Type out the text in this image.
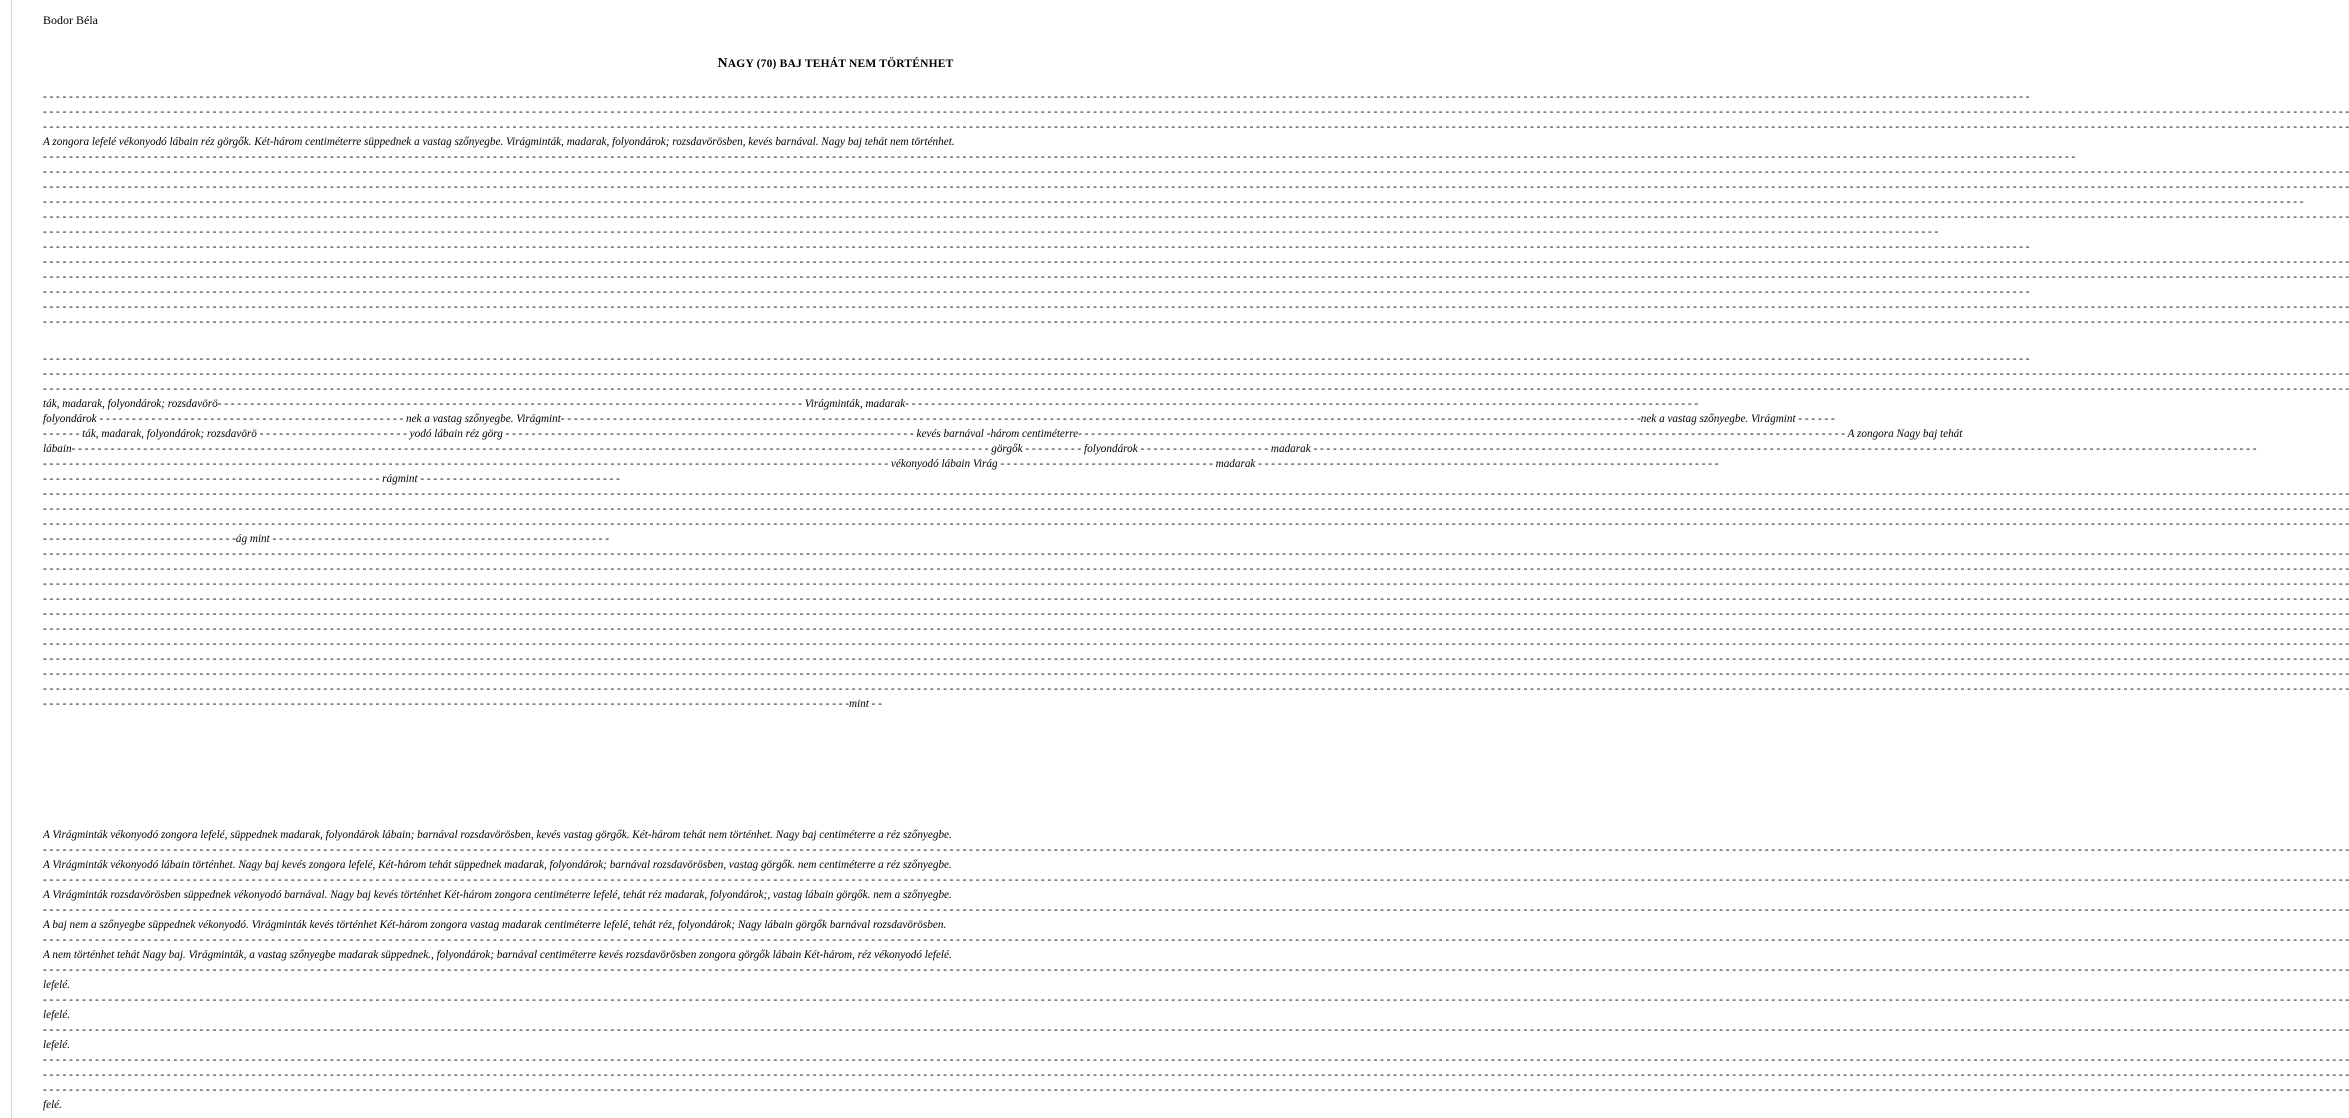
Bodor Béla
NAGY (70) BAJ TEHÁT NEM TÖRTÉNHET
- - - - - - - - - - - - - - - - - - - - - - - - - - - - - - - - - - - - - - - - - - - - - - - - - - - - - - - - - - - - - - - - - - - - - - - - - - - - - - - - - - - - - - - - - - - - - - - - - - - - - - - - - - - - - - - - - - - - - - - - - - - - - - - - - - - - - - - - - - - - - - - - - - - - - - - - - - - - - - - - - - - - - - - - - - - - - - - - - - - - - - - - - - - - - - - - - - - - - - - - - - - - - - - - - - - - - - - - - - - - - - - - - - - - - - - - - - - - - - - - - - - - - - - - - - - - - - - - - - - - - - - - - - - - - - - - - - - - - - - - - - - - - - - - - - - - - - - - - - - - - - - - -
- - - - - - - - - - - - - - - - - - - - - - - - - - - - - - - - - - - - - - - - - - - - - - - - - - - - - - - - - - - - - - - - - - - - - - - - - - - - - - - - - - - - - - - - - - - - - - - - - - - - - - - - - - - - - - - - - - - - - - - - - - - - - - - - - - - - - - - - - - - - - - - - - - - - - - - - - - - - - - - - - - - - - - - - - - - - - - - - - - - - - - - - - - - - - - - - - - - - - - - - - - - - - - - - - - - - - - - - - - - - - - - - - - - - - - - - - - - - - - - - - - - - - - - - - - - - - - - - - - - - - - - - - - - - - - - - - - - - - - - - - - - - - - - - - - - - - - - - - - - - - - - - - - - - - - - - - - - - - - - - - - - - - - - - - - - - - - - - - - - - - - - - - - - - - - - - - -
- - - - - - - - - - - - - - - - - - - - - - - - - - - - - - - - - - - - - - - - - - - - - - - - - - - - - - - - - - - - - - - - - - - - - - - - - - - - - - - - - - - - - - - - - - - - - - - - - - - - - - - - - - - - - - - - - - - - - - - - - - - - - - - - - - - - - - - - - - - - - - - - - - - - - - - - - - - - - - - - - - - - - - - - - - - - - - - - - - - - - - - - - - - - - - - - - - - - - - - - - - - - - - - - - - - - - - - - - - - - - - - - - - - - - - - - - - - - - - - - - - - - - - - - - - - - - - - - - - - - - - - - - - - - - - - - - - - - - - - - - - - - - - - - - - - - - - - - - - - - - - - - - - - - - - - - - - - - - - - - - - - - - - - - - - - - - - - - - - - - - - - - - - - - - - - - - -
A zongora lefelé vékonyodó lábain réz görgők. Két-három centiméterre süppednek a vastag szőnyegbe. Virágminták, madarak, folyondárok; rozsdavörösben, kevés barnával. Nagy baj tehát nem történhet.
- - - - - - - - - - - - - - - - - - - - - - - - - - - - - - - - - - - - - - - - - - - - - - - - - - - - - - - - - - - - - - - - - - - - - - - - - - - - - - - - - - - - - - - - - - - - - - - - - - - - - - - - - - - - - - - - - - - - - - - - - - - - - - - - - - - - - - - - - - - - - - - - - - - - - - - - - - - - - - - - - - - - - - - - - - - - - - - - - - - - - - - - - - - - - - - - - - - - - - - - - - - - - - - - - - - - - - - - - - - - - - - - - - - - - - - - - - - - - - - - - - - - - - - - - - - - - - - - - - - - - - - - - - - - - - - - - - - - - - - - - - - - - - - - - - - - - - - - - - - - - - - - - - - - - - - -
- - - - - - - - - - - - - - - - - - - - - - - - - - - - - - - - - - - - - - - - - - - - - - - - - - - - - - - - - - - - - - - - - - - - - - - - - - - - - - - - - - - - - - - - - - - - - - - - - - - - - - - - - - - - - - - - - - - - - - - - - - - - - - - - - - - - - - - - - - - - - - - - - - - - - - - - - - - - - - - - - - - - - - - - - - - - - - - - - - - - - - - - - - - - - - - - - - - - - - - - - - - - - - - - - - - - - - - - - - - - - - - - - - - - - - - - - - - - - - - - - - - - - - - - - - - - - - - - - - - - - - - - - - - - - - - - - - - - - - - - - - - - - - - - - - - - - - - - - - - - - - - - - - - - - - - - - - - - - - - - - - - - - - - - - - - - - - - - - - - - - - - - - - - - - - - - - -
- - - - - - - - - - - - - - - - - - - - - - - - - - - - - - - - - - - - - - - - - - - - - - - - - - - - - - - - - - - - - - - - - - - - - - - - - - - - - - - - - - - - - - - - - - - - - - - - - - - - - - - - - - - - - - - - - - - - - - - - - - - - - - - - - - - - - - - - - - - - - - - - - - - - - - - - - - - - - - - - - - - - - - - - - - - - - - - - - - - - - - - - - - - - - - - - - - - - - - - - - - - - - - - - - - - - - - - - - - - - - - - - - - - - - - - - - - - - - - - - - - - - - - - - - - - - - - - - - - - - - - - - - - - - - - - - - - - - - - - - - - - - - - - - - - - - - - - - - - - - - - - - - - - - - - - - - - - - - - - - - - - - - - - - - - - - - - - - - - - - - - - - - - - - - - - - - -
- - - - - - - - - - - - - - - - - - - - - - - - - - - - - - - - - - - - - - - - - - - - - - - - - - - - - - - - - - - - - - - - - - - - - - - - - - - - - - - - - - - - - - - - - - - - - - - - - - - - - - - - - - - - - - - - - - - - - - - - - - - - - - - - - - - - - - - - - - - - - - - - - - - - - - - - - - - - - - - - - - - - - - - - - - - - - - - - - - - - - - - - - - - - - - - - - - - - - - - - - - - - - - - - - - - - - - - - - - - - - - - - - - - - - - - - - - - - - - - - - - - - - - - - - - - - - - - - - - - - - - - - - - - - - - - - - - - - - - - - - - - - - - - - - - - - - - - - - - - - - - - - - - - - - - - - - - - - - - - - - - - - - - - - - - - - - - - - - - - - - - - - - - -
- - - - - - - - - - - - - - - - - - - - - - - - - - - - - - - - - - - - - - - - - - - - - - - - - - - - - - - - - - - - - - - - - - - - - - - - - - - - - - - - - - - - - - - - - - - - - - - - - - - - - - - - - - - - - - - - - - - - - - - - - - - - - - - - - - - - - - - - - - - - - - - - - - - - - - - - - - - - - - - - - - - - - - - - - - - - - - - - - - - - - - - - - - - - - - - - - - - - - - - - - - - - - - - - - - - - - - - - - - - - - - - - - - - - - - - - - - - - - - - - - - - - - - - - - - - - - - - - - - - - - - - - - - - - - - - - - - - - - - - - - - - - - - - - - - - - - - - - - - - - - - - - - - - - - - - - - - - - - - - - - - - - - - - - - - - - - - - - - - - - - - - - - - - - - - - - - -
- - - - - - - - - - - - - - - - - - - - - - - - - - - - - - - - - - - - - - - - - - - - - - - - - - - - - - - - - - - - - - - - - - - - - - - - - - - - - - - - - - - - - - - - - - - - - - - - - - - - - - - - - - - - - - - - - - - - - - - - - - - - - - - - - - - - - - - - - - - - - - - - - - - - - - - - - - - - - - - - - - - - - - - - - - - - - - - - - - - - - - - - - - - - - - - - - - - - - - - - - - - - - - - - - - - - - - - - - - - - - - - - - - - - - - - - - - - - - - - - - - - - - - - - - - - - - - - - - - - - - - - - - - - - - - - - - - - - - - - - - - - - - - - - - - -
- - - - - - - - - - - - - - - - - - - - - - - - - - - - - - - - - - - - - - - - - - - - - - - - - - - - - - - - - - - - - - - - - - - - - - - - - - - - - - - - - - - - - - - - - - - - - - - - - - - - - - - - - - - - - - - - - - - - - - - - - - - - - - - - - - - - - - - - - - - - - - - - - - - - - - - - - - - - - - - - - - - - - - - - - - - - - - - - - - - - - - - - - - - - - - - - - - - - - - - - - - - - - - - - - - - - - - - - - - - - - - - - - - - - - - - - - - - - - - - - - - - - - - - - - - - - - - - - - - - - - - - - - - - - - - - - - - - - - - - - - - - - - - - - - - - - - - - - - - - - - - - - -
- - - - - - - - - - - - - - - - - - - - - - - - - - - - - - - - - - - - - - - - - - - - - - - - - - - - - - - - - - - - - - - - - - - - - - - - - - - - - - - - - - - - - - - - - - - - - - - - - - - - - - - - - - - - - - - - - - - - - - - - - - - - - - - - - - - - - - - - - - - - - - - - - - - - - - - - - - - - - - - - - - - - - - - - - - - - - - - - - - - - - - - - - - - - - - - - - - - - - - - - - - - - - - - - - - - - - - - - - - - - - - - - - - - - - - - - - - - - - - - - - - - - - - - - - - - - - - - - - - - - - - - - - - - - - - - - - - - - - - - - - - - - - - - - - - - - - - - - - - - - - - - - - - - - - - - - - - - - - - - - - - - - - - - - - - - - - - - - - - - - - - - - - - - - - - - - - -
- - - - - - - - - - - - - - - - - - - - - - - - - - - - - - - - - - - - - - - - - - - - - - - - - - - - - - - - - - - - - - - - - - - - - - - - - - - - - - - - - - - - - - - - - - - - - - - - - - - - - - - - - - - - - - - - - - - - - - - - - - - - - - - - - - - - - - - - - - - - - - - - - - - - - - - - - - - - - - - - - - - - - - - - - - - - - - - - - - - - - - - - - - - - - - - - - - - - - - - - - - - - - - - - - - - - - - - - - - - - - - - - - - - - - - - - - - - - - - - - - - - - - - - - - - - - - - - - - - - - - - - - - - - - - - - - - - - - - - - - - - - - - - - - - - - - - - - - - - - - - - - - - - - - - - - - - - - - - - - - - - - - - - - - - - - - - - - - - - - - - - - - - - - - - - - - - -
- - - - - - - - - - - - - - - - - - - - - - - - - - - - - - - - - - - - - - - - - - - - - - - - - - - - - - - - - - - - - - - - - - - - - - - - - - - - - - - - - - - - - - - - - - - - - - - - - - - - - - - - - - - - - - - - - - - - - - - - - - - - - - - - - - - - - - - - - - - - - - - - - - - - - - - - - - - - - - - - - - - - - - - - - - - - - - - - - - - - - - - - - - - - - - - - - - - - - - - - - - - - - - - - - - - - - - - - - - - - - - - - - - - - - - - - - - - - - - - - - - - - - - - - - - - - - - - - - - - - - - - - - - - - - - - - - - - - - - - - - - - - - - - - - - - - - - - - - - - - - - - - -
- - - - - - - - - - - - - - - - - - - - - - - - - - - - - - - - - - - - - - - - - - - - - - - - - - - - - - - - - - - - - - - - - - - - - - - - - - - - - - - - - - - - - - - - - - - - - - - - - - - - - - - - - - - - - - - - - - - - - - - - - - - - - - - - - - - - - - - - - - - - - - - - - - - - - - - - - - - - - - - - - - - - - - - - - - - - - - - - - - - - - - - - - - - - - - - - - - - - - - - - - - - - - - - - - - - - - - - - - - - - - - - - - - - - - - - - - - - - - - - - - - - - - - - - - - - - - - - - - - - - - - - - - - - - - - - - - - - - - - - - - - - - - - - - - - - - - - - - - - - - - - - - - - - - - - - - - - - - - - - - - - - - - - - - - - - - - - - - - - - - - - - - - - - - - - - - - -
- - - - - - - - - - - - - - - - - - - - - - - - - - - - - - - - - - - - - - - - - - - - - - - - - - - - - - - - - - - - - - - - - - - - - - - - - - - - - - - - - - - - - - - - - - - - - - - - - - - - - - - - - - - - - - - - - - - - - - - - - - - - - - - - - - - - - - - - - - - - - - - - - - - - - - - - - - - - - - - - - - - - - - - - - - - - - - - - - - - - - - - - - - - - - - - - - - - - - - - - - - - - - - - - - - - - - - - - - - - - - - - - - - - - - - - - - - - - - - - - - - - - - - - - - - - - - - - - - - - - - - - - - - - - - - - - - - - - - - - - - - - - - - - - - - - - - - - - - - - - - - - - - - - - - - - - - - - - - - - - - - - - - - - - - - - - - - - - - - - - - - - - - - - - - - - - - -
- - - - - - - - - - - - - - - - - - - - - - - - - - - - - - - - - - - - - - - - - - - - - - - - - - - - - - - - - - - - - - - - - - - - - - - - - - - - - - - - - - - - - - - - - - - - - - - - - - - - - - - - - - - - - - - - - - - - - - - - - - - - - - - - - - - - - - - - - - - - - - - - - - - - - - - - - - - - - - - - - - - - - - - - - - - - - - - - - - - - - - - - - - - - - - - - - - - - - - - - - - - - - - - - - - - - - - - - - - - - - - - - - - - - - - - - - - - - - - - - - - - - - - - - - - - - - - - - - - - - - - - - - - - - - - - - - - - - - - - - - - - - - - - - - - - - - - - - - - - - - - - - -
- - - - - - - - - - - - - - - - - - - - - - - - - - - - - - - - - - - - - - - - - - - - - - - - - - - - - - - - - - - - - - - - - - - - - - - - - - - - - - - - - - - - - - - - - - - - - - - - - - - - - - - - - - - - - - - - - - - - - - - - - - - - - - - - - - - - - - - - - - - - - - - - - - - - - - - - - - - - - - - - - - - - - - - - - - - - - - - - - - - - - - - - - - - - - - - - - - - - - - - - - - - - - - - - - - - - - - - - - - - - - - - - - - - - - - - - - - - - - - - - - - - - - - - - - - - - - - - - - - - - - - - - - - - - - - - - - - - - - - - - - - - - - - - - - - - - - - - - - - - - - - - - - - - - - - - - - - - - - - - - - - - - - - - - - - - - - - - - - - - - - - - - - - - - - - - - - -
- - - - - - - - - - - - - - - - - - - - - - - - - - - - - - - - - - - - - - - - - - - - - - - - - - - - - - - - - - - - - - - - - - - - - - - - - - - - - - - - - - - - - - - - - - - - - - - - - - - - - - - - - - - - - - - - - - - - - - - - - - - - - - - - - - - - - - - - - - - - - - - - - - - - - - - - - - - - - - - - - - - - - - - - - - - - - - - - - - - - - - - - - - - - - - - - - - - - - - - - - - - - - - - - - - - - - - - - - - - - - - - - - - - - - - - - - - - - - - - - - - - - - - - - - - - - - - - - - - - - - - - - - - - - - - - - - - - - - - - - - - - - - - - - - - - - - - - - - - - - - - - - - - - - - - - - - - - - - - - - - - - - - - - - - - - - - - - - - - - - - - - - - - - - - - - - - -
ták, madarak, folyondárok; rozsdavörö- - - - - - - - - - - - - - - - - - - - - - - - - - - - - - - - - - - - - - - - - - - - - - - - - - - - - - - - - - - - - - - - - - - - - - - - - - - - - - - - - - - - - - - - - - Virágminták, madarak- - - - - - - - - - - - - - - - - - - - - - - - - - - - - - - - - - - - - - - - - - - - - - - - - - - - - - - - - - - - - - - - - - - - - - - - - - - - - - - - - - - - - - - - - - - - - - - - - - - - - - - - - - - - - - - - - - - - - - - - - -
folyondárok - - - - - - - - - - - - - - - - - - - - - - - - - - - - - - - - - - - - - - - - - - - - - - - nek a vastag szőnyegbe. Virágmint- - - - - - - - - - - - - - - - - - - - - - - - - - - - - - - - - - - - - - - - - - - - - - - - - - - - - - - - - - - - - - - - - - - - - - - - - - - - - - - - - - - - - - - - - - - - - - - - - - - - - - - - - - - - - - - - - - - - - - - - - - - - - - - - - - - - - - - - - - - - - - - - - - - - - - - - - - - - - - - - - - - - - -nek a vastag szőnyegbe. Virágmint - - - - - -
- - - - - - ták, madarak, folyondárok; rozsdavörö - - - - - - - - - - - - - - - - - - - - - - - yodó lábain réz görg - - - - - - - - - - - - - - - - - - - - - - - - - - - - - - - - - - - - - - - - - - - - - - - - - - - - - - - - - - - - - - - kevés barnával -három centiméterre- - - - - - - - - - - - - - - - - - - - - - - - - - - - - - - - - - - - - - - - - - - - - - - - - - - - - - - - - - - - - - - - - - - - - - - - - - - - - - - - - - - - - - - - - - - - - - - - - - - - - - - - - - - - - - - - - - - - - - A zongora Nagy baj tehát
lábain- - - - - - - - - - - - - - - - - - - - - - - - - - - - - - - - - - - - - - - - - - - - - - - - - - - - - - - - - - - - - - - - - - - - - - - - - - - - - - - - - - - - - - - - - - - - - - - - - - - - - - - - - - - - - - - - - - - - - - - - - - - - - - - - - - - - - - - - - - - - - görgők - - - - - - - - - folyondárok - - - - - - - - - - - - - - - - - - - - madarak - - - - - - - - - - - - - - - - - - - - - - - - - - - - - - - - - - - - - - - - - - - - - - - - - - - - - - - - - - - - - - - - - - - - - - - - - - - - - - - - - - - - - - - - - - - - - - - - - - - - - - - - - - - - - - - - - - - - - - - - - - - - - - - - - - - - - - - - - - - - - - - - -
- - - - - - - - - - - - - - - - - - - - - - - - - - - - - - - - - - - - - - - - - - - - - - - - - - - - - - - - - - - - - - - - - - - - - - - - - - - - - - - - - - - - - - - - - - - - - - - - - - - - - - - - - - - - - - - - - - - - - - - - - - - - - - - - - - vékonyodó lábain Virág - - - - - - - - - - - - - - - - - - - - - - - - - - - - - - - - - madarak - - - - - - - - - - - - - - - - - - - - - - - - - - - - - - - - - - - - - - - - - - - - - - - - - - - - - - - - - - - - - - - - - - - - - - -
- - - - - - - - - - - - - - - - - - - - - - - - - - - - - - - - - - - - - - - - - - - - - - - - - - - - rágmint - - - - - - - - - - - - - - - - - - - - - - - - - - - - - - -
- - - - - - - - - - - - - - - - - - - - - - - - - - - - - - - - - - - - - - - - - - - - - - - - - - - - - - - - - - - - - - - - - - - - - - - - - - - - - - - - - - - - - - - - - - - - - - - - - - - - - - - - - - - - - - - - - - - - - - - - - - - - - - - - - - - - - - - - - - - - - - - - - - - - - - - - - - - - - - - - - - - - - - - - - - - - - - - - - - - - - - - - - - - - - - - - - - - - - - - - - - - - - - - - - - - - - - - - - - - - - - - - - - - - - - - - - - - - - - - - - - - - - - - - - - - - - - - - - - - - - - - - - - - - - - - - - - - - - - - - - - - - - - - - - - - - - - - - - - - - - - - - - - - - - - - - - - - - - - - - - - - - - - - - - - - - - - - - - - - - - - - - - - - - - - - - - -
- - - - - - - - - - - - - - - - - - - - - - - - - - - - - - - - - - - - - - - - - - - - - - - - - - - - - - - - - - - - - - - - - - - - - - - - - - - - - - - - - - - - - - - - - - - - - - - - - - - - - - - - - - - - - - - - - - - - - - - - - - - - - - - - - - - - - - - - - - - - - - - - - - - - - - - - - - - - - - - - - - - - - - - - - - - - - - - - - - - - - - - - - - - - - - - - - - - - - - - - - - - - - - - - - - - - - - - - - - - - - - - - - - - - - - - - - - - - - - - - - - - - - - - - - - - - - - - - - - - - - - - - - - - - - - - - - - - - - - - - - - - - - - - - - - - - - - - - - - - - - - - - - - - - - - - - - - - - - - - - - - - - - - - - - - - - - - - - - - - - - - - - - - - - - - - - - -
- - - - - - - - - - - - - - - - - - - - - - - - - - - - - - - - - - - - - - - - - - - - - - - - - - - - - - - - - - - - - - - - - - - - - - - - - - - - - - - - - - - - - - - - - - - - - - - - - - - - - - - - - - - - - - - - - - - - - - - - - - - - - - - - - - - - - - - - - - - - - - - - - - - - - - - - - - - - - - - - - - - - - - - - - - - - - - - - - - - - - - - - - - - - - - - - - - - - - - - - - - - - - - - - - - - - - - - - - - - - - - - - - - - - - - - - - - - - - - - - - - - - - - - - - - - - - - - - - - - - - - - - - - - - - - - - - - - - - - - - - - - - - - - - - - - - - - - - - - - - - - - - - - - - - - - - - - - - - - - - - - - - - - - - - - - - - - - - - - - - - - - - - - - - - - - - - -
- - - - - - - - - - - - - - - - - - - - - - - - - - - - - -ág mint - - - - - - - - - - - - - - - - - - - - - - - - - - - - - - - - - - - - - - - - - - - - - - - - - - - -
- - - - - - - - - - - - - - - - - - - - - - - - - - - - - - - - - - - - - - - - - - - - - - - - - - - - - - - - - - - - - - - - - - - - - - - - - - - - - - - - - - - - - - - - - - - - - - - - - - - - - - - - - - - - - - - - - - - - - - - - - - - - - - - - - - - - - - - - - - - - - - - - - - - - - - - - - - - - - - - - - - - - - - - - - - - - - - - - - - - - - - - - - - - - - - - - - - - - - - - - - - - - - - - - - - - - - - - - - - - - - - - - - - - - - - - - - - - - - - - - - - - - - - - - - - - - - - - - - - - - - - - - - - - - - - - - - - - - - - - - - - - - - - - - - - - - - - - - - - - - - - - - - - - - - - - - - - - - - - - - - - - - - - - - - - - - - - - - - - - - - - - - - - - - - - - - - -
- - - - - - - - - - - - - - - - - - - - - - - - - - - - - - - - - - - - - - - - - - - - - - - - - - - - - - - - - - - - - - - - - - - - - - - - - - - - - - - - - - - - - - - - - - - - - - - - - - - - - - - - - - - - - - - - - - - - - - - - - - - - - - - - - - - - - - - - - - - - - - - - - - - - - - - - - - - - - - - - - - - - - - - - - - - - - - - - - - - - - - - - - - - - - - - - - - - - - - - - - - - - - - - - - - - - - - - - - - - - - - - - - - - - - - - - - - - - - - - - - - - - - - - - - - - - - - - - - - - - - - - - - - - - - - - - - - - - - - - - - - - - - - - - - - - - - - - - - - - - - - - - - - - - - - - - - - - - - - - - - - - - - - - - - - - - - - - - - - - - - - - - - - - - - - - - - -
- - - - - - - - - - - - - - - - - - - - - - - - - - - - - - - - - - - - - - - - - - - - - - - - - - - - - - - - - - - - - - - - - - - - - - - - - - - - - - - - - - - - - - - - - - - - - - - - - - - - - - - - - - - - - - - - - - - - - - - - - - - - - - - - - - - - - - - - - - - - - - - - - - - - - - - - - - - - - - - - - - - - - - - - - - - - - - - - - - - - - - - - - - - - - - - - - - - - - - - - - - - - - - - - - - - - - - - - - - - - - - - - - - - - - - - - - - - - - - - - - - - - - - - - - - - - - - - - - - - - - - - - - - - - - - - - - - - - - - - - - - - - - - - - - - - - - - - - - - - - - - - - - - - - - - - - - - - - - - - - - - - - - - - - - - - - - - - - - - - - - - - - - - - - - - - - - -
- - - - - - - - - - - - - - - - - - - - - - - - - - - - - - - - - - - - - - - - - - - - - - - - - - - - - - - - - - - - - - - - - - - - - - - - - - - - - - - - - - - - - - - - - - - - - - - - - - - - - - - - - - - - - - - - - - - - - - - - - - - - - - - - - - - - - - - - - - - - - - - - - - - - - - - - - - - - - - - - - - - - - - - - - - - - - - - - - - - - - - - - - - - - - - - - - - - - - - - - - - - - - - - - - - - - - - - - - - - - - - - - - - - - - - - - - - - - - - - - - - - - - - - - - - - - - - - - - - - - - - - - - - - - - - - - - - - - - - - - - - - - - - - - - - - - - - - - - - - - - - - - - - - - - - - - - - - - - - - - - - - - - - - - - - - - - - - - - - - - - - - - - - - - - - - - - -
- - - - - - - - - - - - - - - - - - - - - - - - - - - - - - - - - - - - - - - - - - - - - - - - - - - - - - - - - - - - - - - - - - - - - - - - - - - - - - - - - - - - - - - - - - - - - - - - - - - - - - - - - - - - - - - - - - - - - - - - - - - - - - - - - - - - - - - - - - - - - - - - - - - - - - - - - - - - - - - - - - - - - - - - - - - - - - - - - - - - - - - - - - - - - - - - - - - - - - - - - - - - - - - - - - - - - - - - - - - - - - - - - - - - - - - - - - - - - - - - - - - - - - - - - - - - - - - - - - - - - - - - - - - - - - - - - - - - - - - - - - - - - - - - - - - - - - - - - - - - - - - - - - - - - - - - - - - - - - - - - - - - - - - - - - - - - - - - - - - - - - - - - - - - - - - - - -
- - - - - - - - - - - - - - - - - - - - - - - - - - - - - - - - - - - - - - - - - - - - - - - - - - - - - - - - - - - - - - - - - - - - - - - - - - - - - - - - - - - - - - - - - - - - - - - - - - - - - - - - - - - - - - - - - - - - - - - - - - - - - - - - - - - - - - - - - - - - - - - - - - - - - - - - - - - - - - - - - - - - - - - - - - - - - - - - - - - - - - - - - - - - - - - - - - - - - - - - - - - - - - - - - - - - - - - - - - - - - - - - - - - - - - - - - - - - - - - - - - - - - - - - - - - - - - - - - - - - - - - - - - - - - - - - - - - - - - - - - - - - - - - - - - - - - - - - - - - - - - - - - - - - - - - - - - - - - - - - - - - - - - - - - - - - - - - - - - - - - - - - - - - - - - - - - -
- - - - - - - - - - - - - - - - - - - - - - - - - - - - - - - - - - - - - - - - - - - - - - - - - - - - - - - - - - - - - - - - - - - - - - - - - - - - - - - - - - - - - - - - - - - - - - - - - - - - - - - - - - - - - - - - - - - - - - - - - - - - - - - - - - - - - - - - - - - - - - - - - - - - - - - - - - - - - - - - - - - - - - - - - - - - - - - - - - - - - - - - - - - - - - - - - - - - - - - - - - - - - - - - - - - - - - - - - - - - - - - - - - - - - - - - - - - - - - - - - - - - - - - - - - - - - - - - - - - - - - - - - - - - - - - - - - - - - - - - - - - - - - - - - - - - - - - - - - - - - - - - - - - - - - - - - - - - - - - - - - - - - - - - - - - - - - - - - - - - - - - - - - - - - - - - - -
- - - - - - - - - - - - - - - - - - - - - - - - - - - - - - - - - - - - - - - - - - - - - - - - - - - - - - - - - - - - - - - - - - - - - - - - - - - - - - - - - - - - - - - - - - - - - - - - - - - - - - - - - - - - - - - - - - - - - - - - - - - - - - - - - - - - - - - - - - - - - - - - - - - - - - - - - - - - - - - - - - - - - - - - - - - - - - - - - - - - - - - - - - - - - - - - - - - - - - - - - - - - - - - - - - - - - - - - - - - - - - - - - - - - - - - - - - - - - - - - - - - - - - - - - - - - - - - - - - - - - - - - - - - - - - - - - - - - - - - - - - - - - - - - - - - - - - - - - - - - - - - - - - - - - - - - - - - - - - - - - - - - - - - - - - - - - - - - - - - - - - - - - - - - - - - - - -
- - - - - - - - - - - - - - - - - - - - - - - - - - - - - - - - - - - - - - - - - - - - - - - - - - - - - - - - - - - - - - - - - - - - - - - - - - - - - - - - - - - - - - - - - - - - - - - - - - - - - - - - - - - - - - - - - - - - - - - - - - - - - - - - - - - - - - - - - - - - - - - - - - - - - - - - - - - - - - - - - - - - - - - - - - - - - - - - - - - - - - - - - - - - - - - - - - - - - - - - - - - - - - - - - - - - - - - - - - - - - - - - - - - - - - - - - - - - - - - - - - - - - - - - - - - - - - - - - - - - - - - - - - - - - - - - - - - - - - - - - - - - - - - - - - - - - - - - - - - - - - - - - - - - - - - - - - - - - - - - - - - - - - - - - - - - - - - - - - - - - - - - - - - - - - - - - -
- - - - - - - - - - - - - - - - - - - - - - - - - - - - - - - - - - - - - - - - - - - - - - - - - - - - - - - - - - - - - - - - - - - - - - - - - - - - - - - - - - - - - - - - - - - - - - - - - - - - - - - - - - - - - - - - - - - - - - - - - - - - - - - - - - - - - - - - - - - - - - - - - - - - - - - - - - - - - - - - - - - - - - - - - - - - - - - - - - - - - - - - - - - - - - - - - - - - - - - - - - - - - - - - - - - - - - - - - - - - - - - - - - - - - - - - - - - - - - - - - - - - - - - - - - - - - - - - - - - - - - - - - - - - - - - - - - - - - - - - - - - - - - - - - - - - - - - - - - - - - - - - - - - - - - - - - - - - - - - - - - - - - - - - - - - - - - - - - - - - - - - - - - - - - - - - - -
- - - - - - - - - - - - - - - - - - - - - - - - - - - - - - - - - - - - - - - - - - - - - - - - - - - - - - - - - - - - - - - - - - - - - - - - - - - - - - - - - - - - - - - - - - - - - - - - - - - - - - - - - - - - - - - - - - - - - - - - - - - -mint - -
A Virágminták vékonyodó zongora lefelé, süppednek madarak, folyondárok lábain; barnával rozsdavörösben, kevés vastag görgők. Két-három tehát nem történhet. Nagy baj centiméterre a réz szőnyegbe.
- - - - - - - - - - - - - - - - - - - - - - - - - - - - - - - - - - - - - - - - - - - - - - - - - - - - - - - - - - - - - - - - - - - - - - - - - - - - - - - - - - - - - - - - - - - - - - - - - - - - - - - - - - - - - - - - - - - - - - - - - - - - - - - - - - - - - - - - - - - - - - - - - - - - - - - - - - - - - - - - - - - - - - - - - - - - - - - - - - - - - - - - - - - - - - - - - - - - - - - - - - - - - - - - - - - - - - - - - - - - - - - - - - - - - - - - - - - - - - - - - - - - - - - - - - - - - - - - - - - - - - - - - - - - - - - - - - - - - - - - - - - - - - - - - - - - - - - - - - - - - - - - - - - - - - - - - - - - - - - - - - - - - - - - - - - - - - - - - - - - - - - - - - - - - - - - - -
A Virágminták vékonyodó lábain történhet. Nagy baj kevés zongora lefelé, Két-három tehát süppednek madarak, folyondárok; barnával rozsdavörösben, vastag görgők. nem centiméterre a réz szőnyegbe.
- - - - - - - - - - - - - - - - - - - - - - - - - - - - - - - - - - - - - - - - - - - - - - - - - - - - - - - - - - - - - - - - - - - - - - - - - - - - - - - - - - - - - - - - - - - - - - - - - - - - - - - - - - - - - - - - - - - - - - - - - - - - - - - - - - - - - - - - - - - - - - - - - - - - - - - - - - - - - - - - - - - - - - - - - - - - - - - - - - - - - - - - - - - - - - - - - - - - - - - - - - - - - - - - - - - - - - - - - - - - - - - - - - - - - - - - - - - - - - - - - - - - - - - - - - - - - - - - - - - - - - - - - - - - - - - - - - - - - - - - - - - - - - - - - - - - - - - - - - - - - - - - - - - - - - - - - - - - - - - - - - - - - - - - - - - - - - - - - - - - - - - - - - - - - - - - - -
A Virágminták rozsdavörösben süppednek vékonyodó barnával. Nagy baj kevés történhet Két-három zongora centiméterre lefelé, tehát réz madarak, folyondárok;, vastag lábain görgők. nem a szőnyegbe.
- - - - - - - - - - - - - - - - - - - - - - - - - - - - - - - - - - - - - - - - - - - - - - - - - - - - - - - - - - - - - - - - - - - - - - - - - - - - - - - - - - - - - - - - - - - - - - - - - - - - - - - - - - - - - - - - - - - - - - - - - - - - - - - - - - - - - - - - - - - - - - - - - - - - - - - - - - - - - - - - - - - - - - - - - - - - - - - - - - - - - - - - - - - - - - - - - - - - - - - - - - - - - - - - - - - - - - - - - - - - - - - - - - - - - - - - - - - - - - - - - - - - - - - - - - - - - - - - - - - - - - - - - - - - - - - - - - - - - - - - - - - - - - - - - - - - - - - - - - - - - - - - - - - - - - - - - - - - - - - - - - - - - - - - - - - - - - - - - - - - - - - - - - - - - - - - - -
A baj nem a szőnyegbe süppednek vékonyodó. Virágminták kevés történhet Két-három zongora vastag madarak centiméterre lefelé, tehát réz, folyondárok; Nagy lábain görgők barnával rozsdavörösben.
- - - - - - - - - - - - - - - - - - - - - - - - - - - - - - - - - - - - - - - - - - - - - - - - - - - - - - - - - - - - - - - - - - - - - - - - - - - - - - - - - - - - - - - - - - - - - - - - - - - - - - - - - - - - - - - - - - - - - - - - - - - - - - - - - - - - - - - - - - - - - - - - - - - - - - - - - - - - - - - - - - - - - - - - - - - - - - - - - - - - - - - - - - - - - - - - - - - - - - - - - - - - - - - - - - - - - - - - - - - - - - - - - - - - - - - - - - - - - - - - - - - - - - - - - - - - - - - - - - - - - - - - - - - - - - - - - - - - - - - - - - - - - - - - - - - - - - - - - - - - - - - - - - - - - - - - - - - - - - - - - - - - - - - - - - - - - - - - - - - - - - - - - - - - - - - - - -
A nem történhet tehát Nagy baj. Virágminták, a vastag szőnyegbe madarak süppednek., folyondárok; barnával centiméterre kevés rozsdavörösben zongora görgők lábain Két-három, réz vékonyodó lefelé.
- - - - - - - - - - - - - - - - - - - - - - - - - - - - - - - - - - - - - - - - - - - - - - - - - - - - - - - - - - - - - - - - - - - - - - - - - - - - - - - - - - - - - - - - - - - - - - - - - - - - - - - - - - - - - - - - - - - - - - - - - - - - - - - - - - - - - - - - - - - - - - - - - - - - - - - - - - - - - - - - - - - - - - - - - - - - - - - - - - - - - - - - - - - - - - - - - - - - - - - - - - - - - - - - - - - - - - - - - - - - - - - - - - - - - - - - - - - - - - - - - - - - - - - - - - - - - - - - - - - - - - - - - - - - - - - - - - - - - - - - - - - - - - - - - - - - - - - - - - - - - - - - - - - - - - - - - - - - - - - - - - - - - - - - - - - - - - - - - - - - - - - - - - - - - - - - - -
lefelé.
- - - - - - - - - - - - - - - - - - - - - - - - - - - - - - - - - - - - - - - - - - - - - - - - - - - - - - - - - - - - - - - - - - - - - - - - - - - - - - - - - - - - - - - - - - - - - - - - - - - - - - - - - - - - - - - - - - - - - - - - - - - - - - - - - - - - - - - - - - - - - - - - - - - - - - - - - - - - - - - - - - - - - - - - - - - - - - - - - - - - - - - - - - - - - - - - - - - - - - - - - - - - - - - - - - - - - - - - - - - - - - - - - - - - - - - - - - - - - - - - - - - - - - - - - - - - - - - - - - - - - - - - - - - - - - - - - - - - - - - - - - - - - - - - - - - - - - - - - - - - - - - - - - - - - - - - - - - - - - - - - - - - - - - - - - - - - - - - - - - - - - - - - - - - - - - - - -
lefelé.
- - - - - - - - - - - - - - - - - - - - - - - - - - - - - - - - - - - - - - - - - - - - - - - - - - - - - - - - - - - - - - - - - - - - - - - - - - - - - - - - - - - - - - - - - - - - - - - - - - - - - - - - - - - - - - - - - - - - - - - - - - - - - - - - - - - - - - - - - - - - - - - - - - - - - - - - - - - - - - - - - - - - - - - - - - - - - - - - - - - - - - - - - - - - - - - - - - - - - - - - - - - - - - - - - - - - - - - - - - - - - - - - - - - - - - - - - - - - - - - - - - - - - - - - - - - - - - - - - - - - - - - - - - - - - - - - - - - - - - - - - - - - - - - - - - - - - - - - - - - - - - - - - - - - - - - - - - - - - - - - - - - - - - - - - - - - - - - - - - - - - - - - - - - - - - - - - -
lefelé.
- - - - - - - - - - - - - - - - - - - - - - - - - - - - - - - - - - - - - - - - - - - - - - - - - - - - - - - - - - - - - - - - - - - - - - - - - - - - - - - - - - - - - - - - - - - - - - - - - - - - - - - - - - - - - - - - - - - - - - - - - - - - - - - - - - - - - - - - - - - - - - - - - - - - - - - - - - - - - - - - - - - - - - - - - - - - - - - - - - - - - - - - - - - - - - - - - - - - - - - - - - - - - - - - - - - - - - - - - - - - - - - - - - - - - - - - - - - - - - - - - - - - - - - - - - - - - - - - - - - - - - - - - - - - - - - - - - - - - - - - - - - - - - - - - - - - - - - - - - - - - - - - - - - - - - - - - - - - - - - - - - - - - - - - - - - - - - - - - - - - - - - - - - - - - - - - - -
- - - - - - - - - - - - - - - - - - - - - - - - - - - - - - - - - - - - - - - - - - - - - - - - - - - - - - - - - - - - - - - - - - - - - - - - - - - - - - - - - - - - - - - - - - - - - - - - - - - - - - - - - - - - - - - - - - - - - - - - - - - - - - - - - - - - - - - - - - - - - - - - - - - - - - - - - - - - - - - - - - - - - - - - - - - - - - - - - - - - - - - - - - - - - - - - - - - - - - - - - - - - - - - - - - - - - - - - - - - - - - - - - - - - - - - - - - - - - - - - - - - - - - - - - - - - - - - - - - - - - - - - - - - - - - - - - - - - - - - - - - - - - - - - - - - - - - - - - - - - - - - - - - - - - - - - - - - - - - - - - - - - - - - - - - - - - - - - - - - - - - - - - - - - - - - - - -
- - - - - - - - - - - - - - - - - - - - - - - - - - - - - - - - - - - - - - - - - - - - - - - - - - - - - - - - - - - - - - - - - - - - - - - - - - - - - - - - - - - - - - - - - - - - - - - - - - - - - - - - - - - - - - - - - - - - - - - - - - - - - - - - - - - - - - - - - - - - - - - - - - - - - - - - - - - - - - - - - - - - - - - - - - - - - - - - - - - - - - - - - - - - - - - - - - - - - - - - - - - - - - - - - - - - - - - - - - - - - - - - - - - - - - - - - - - - - - - - - - - - - - - - - - - - - - - - - - - - - - - - - - - - - - - - - - - - - - - - - - - - - - - - - - - - - - - - - - - - - - - - - - - - - - - - - - - - - - - - - - - - - - - - - - - - - - - - - - - - - - - - - - - - - - - - - -
felé.
